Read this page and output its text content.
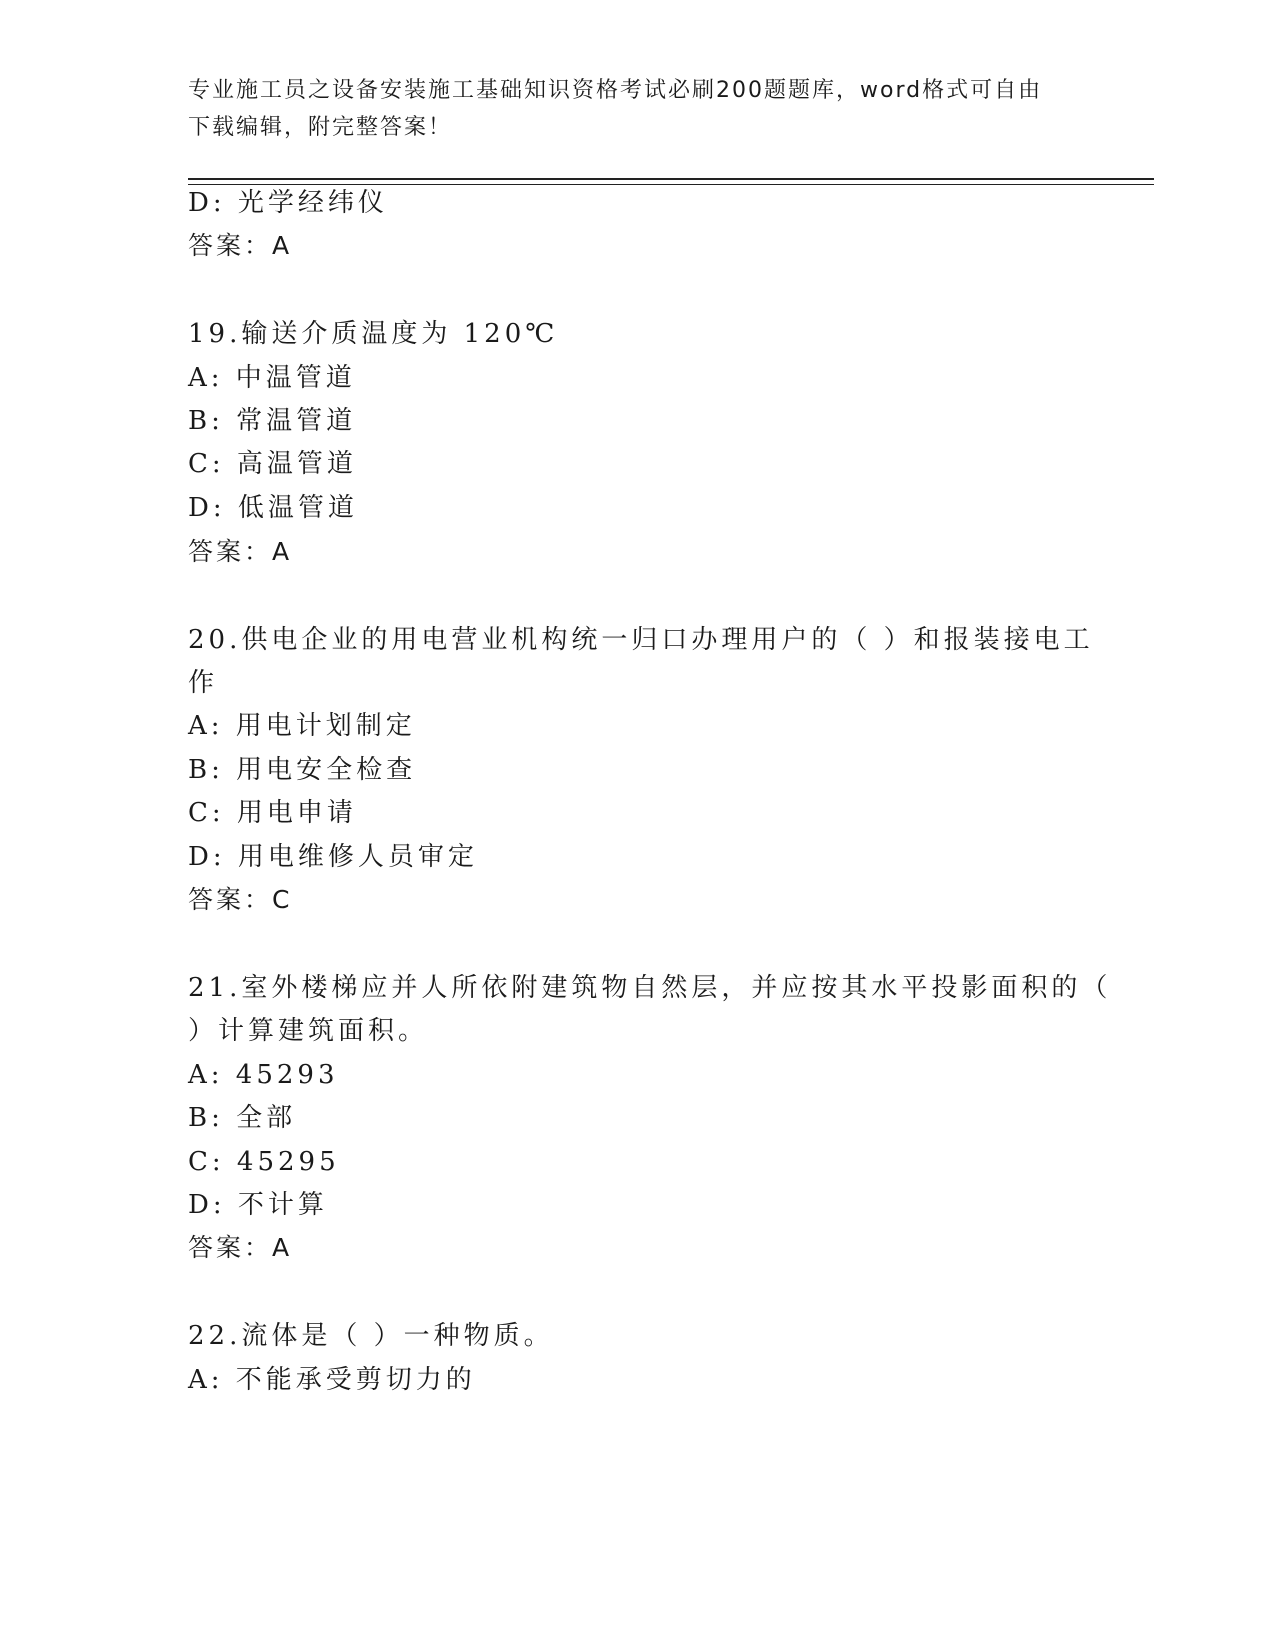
专业施工员之设备安装施工基础知识资格考试必刷200题题库，word格式可自由
下载编辑，附完整答案！
D: 光学经纬仪
答案：A
19.输送介质温度为 120℃
A: 中温管道
B: 常温管道
C: 高温管道
D: 低温管道
答案：A
20.供电企业的用电营业机构统一归口办理用户的（ ）和报装接电工
作
A: 用电计划制定
B: 用电安全检查
C: 用电申请
D: 用电维修人员审定
答案：C
21.室外楼梯应并人所依附建筑物自然层，并应按其水平投影面积的（
）计算建筑面积。
A: 45293
B: 全部
C: 45295
D: 不计算
答案：A
22.流体是（ ）一种物质。
A: 不能承受剪切力的
